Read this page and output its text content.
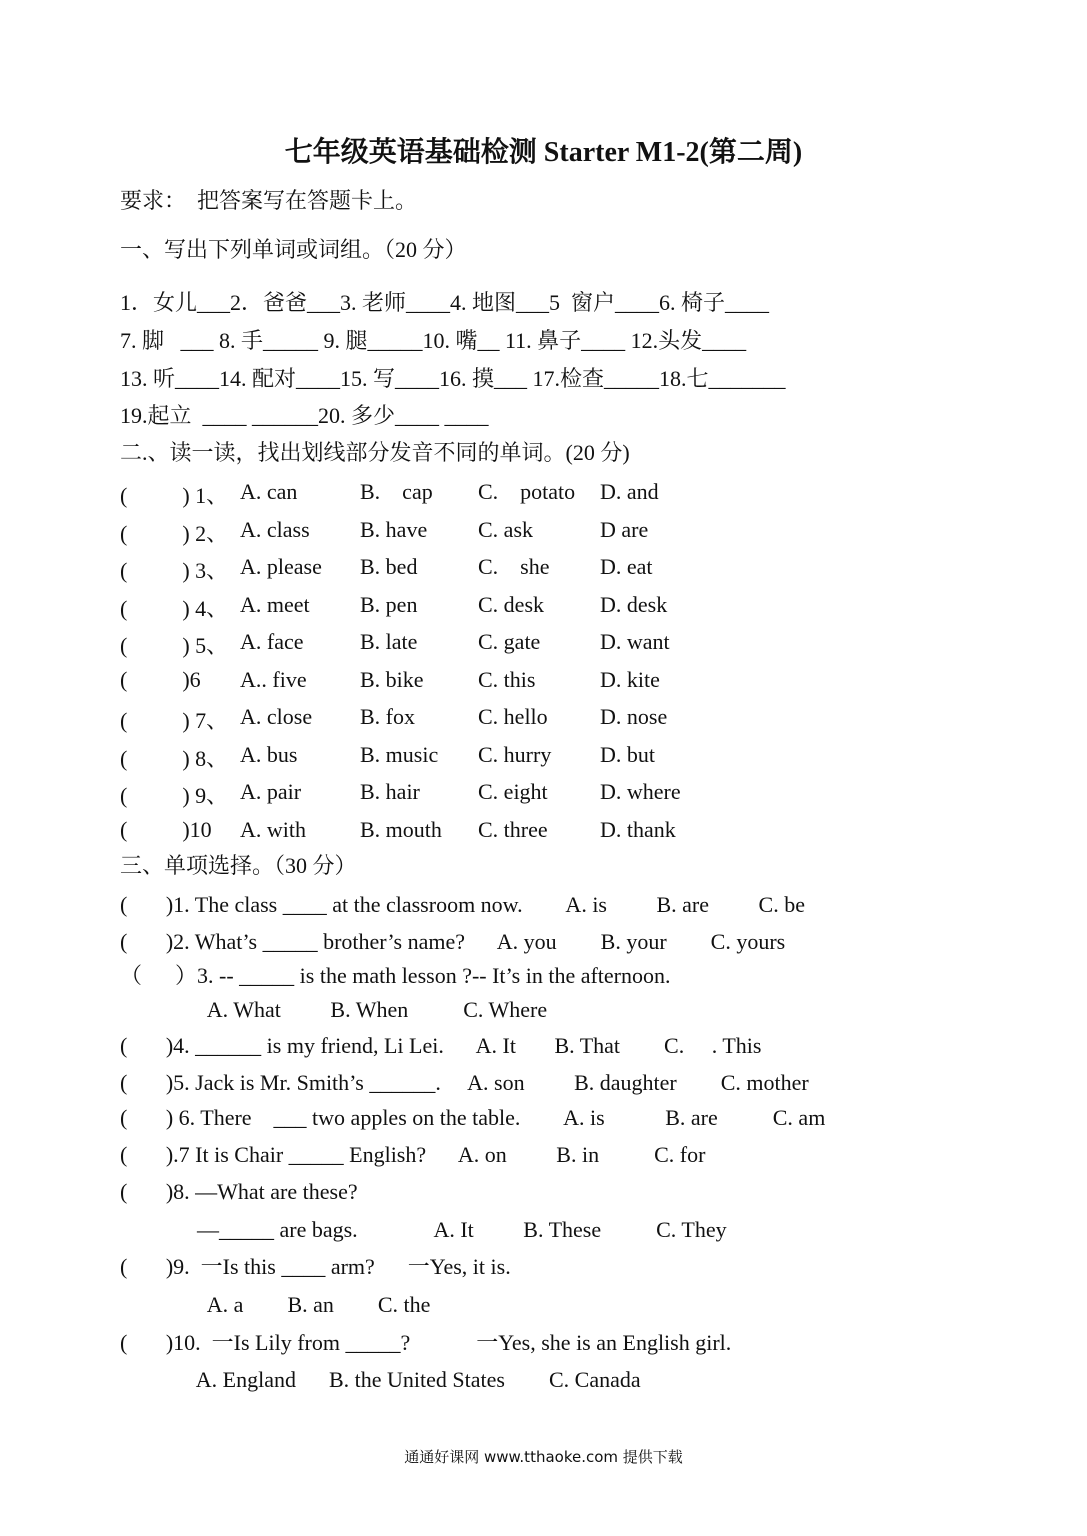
七年级英语基础检测 Starter M1-2(第二周)
要求：  把答案写在答题卡上。
一、写出下列单词或词组。（20 分）
1．女儿___2．爸爸___3. 老师____4. 地图___5  窗户____6. 椅子____
7. 脚   ___ 8. 手_____ 9. 腿_____10. 嘴__ 11. 鼻子____ 12.头发____
13. 听____14. 配对____15. 写____16. 摸___ 17.检查_____18.七_______
19.起立  ____ ______20. 多少____ ____
二.、读一读，找出划线部分发音不同的单词。(20 分)
(          ) 1、 A. can	B.    cap C.    potato D. and
(          ) 2、 A. class B. have C. ask	D are
(          ) 3、 A. please B. bed	C.    she D. eat
(          ) 4、 A. meet B. pen	C. desk	D. desk
(          ) 5、 A. face	B. late	C. gate	D. want
(          )6 A.. five B. bike C. this	D. kite
(          ) 7、 A. close B. fox	C. hello D. nose
(          ) 8、 A. bus	B. music C. hurry D. but
(          ) 9、 A. pair	B. hair	C. eight D. where
(          )10 A. with B. mouth C. three D. thank
三、单项选择。（30 分）
(       )1. The class ____ at the classroom now.        A. is         B. are         C. be
(       )2. What’s _____ brother’s name?      A. you        B. your        C. yours
（      ）3. -- _____ is the math lesson ?-- It’s in the afternoon.
A. What         B. When          C. Where
(       )4. ______ is my friend, Li Lei.      A. It       B. That        C.     . This
(       )5. Jack is Mr. Smith’s ______.     A. son         B. daughter        C. mother
(       ) 6. There    ___ two apples on the table.        A. is           B. are          C. am
(       ).7 It is Chair _____ English?      A. on         B. in          C. for
(       )8. —What are these?
—_____ are bags.              A. It         B. These          C. They
(       )9.  一Is this ____ arm?      一Yes, it is.
A. a        B. an        C. the
(       )10.  一Is Lily from _____?            一Yes, she is an English girl.
A. England      B. the United States        C. Canada
通通好课网 www.tthaoke.com 提供下载
